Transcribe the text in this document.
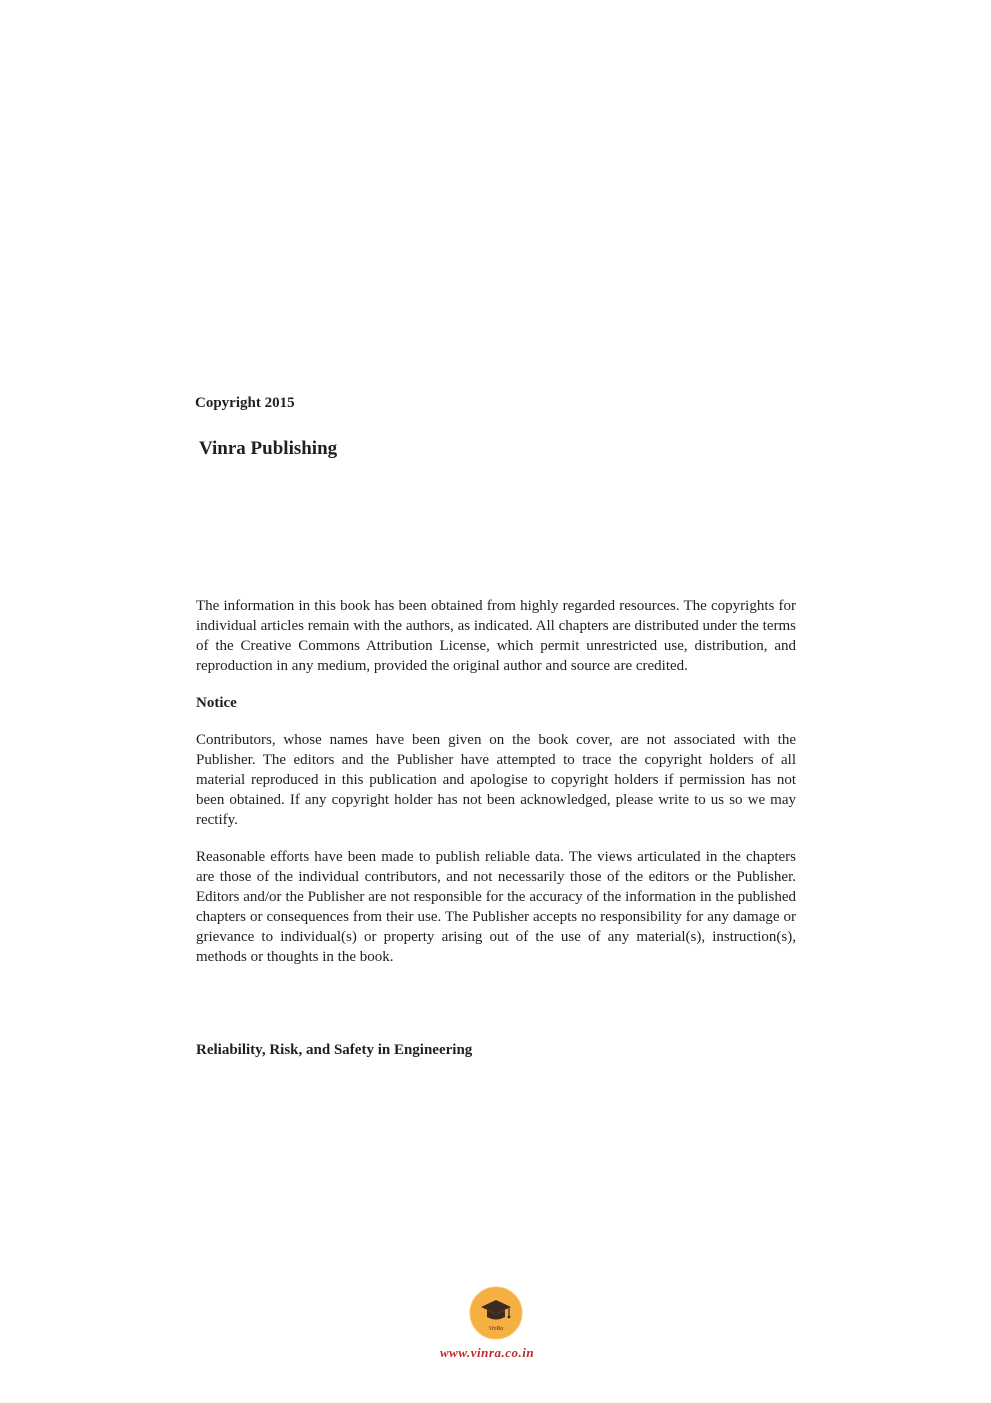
Copyright 2015

Vinra Publishing

The information in this book has been obtained from highly regarded resources. The copyrights for individual articles remain with the authors, as indicated. All chapters are distributed under the terms of the Creative Commons Attribution License, which permit unrestricted use, distribution, and reproduction in any medium, provided the original author and source are credited.

Notice

Contributors, whose names have been given on the book cover, are not associated with the Publisher. The editors and the Publisher have attempted to trace the copyright holders of all material reproduced in this publication and apologise to copyright holders if permission has not been obtained. If any copyright holder has not been acknowledged, please write to us so we may rectify.

Reasonable efforts have been made to publish reliable data. The views articulated in the chapters are those of the individual contributors, and not necessarily those of the editors or the Publisher. Editors and/or the Publisher are not responsible for the accuracy of the information in the published chapters or consequences from their use. The Publisher accepts no responsibility for any damage or grievance to individual(s) or property arising out of the use of any material(s), instruction(s), methods or thoughts in the book.

Reliability, Risk, and Safety in Engineering

VinRa

www.vinra.co.in
